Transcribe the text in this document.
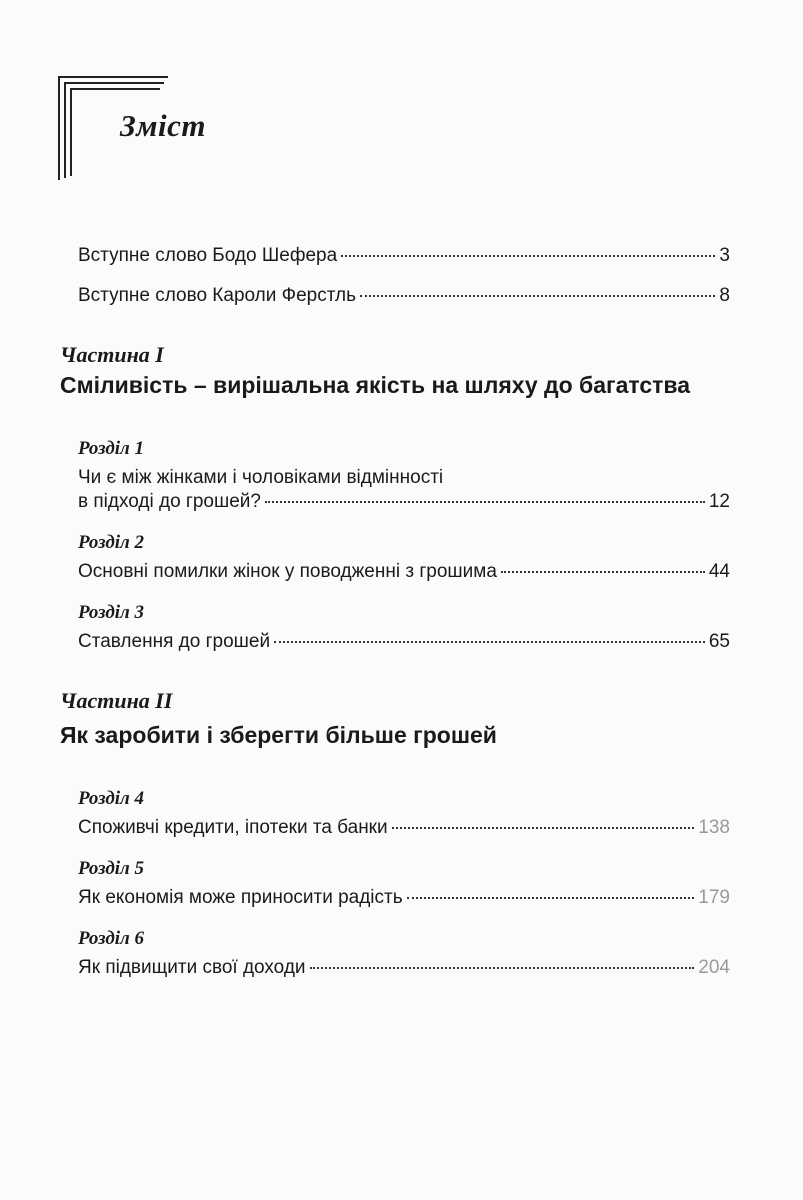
Зміст
Вступне слово Бодо Шефера	3
Вступне слово Кароли Ферстль	8
Частина I
Сміливість – вирішальна якість на шляху до багатства
Розділ 1
Чи є між жінками і чоловіками відмінності
в підході до грошей?	12
Розділ 2
Основні помилки жінок у поводженні з грошима	44
Розділ 3
Ставлення до грошей	65
Частина II
Як заробити і зберегти більше грошей
Розділ 4
Споживчі кредити, іпотеки та банки	138
Розділ 5
Як економія може приносити радість	179
Розділ 6
Як підвищити свої доходи	204
